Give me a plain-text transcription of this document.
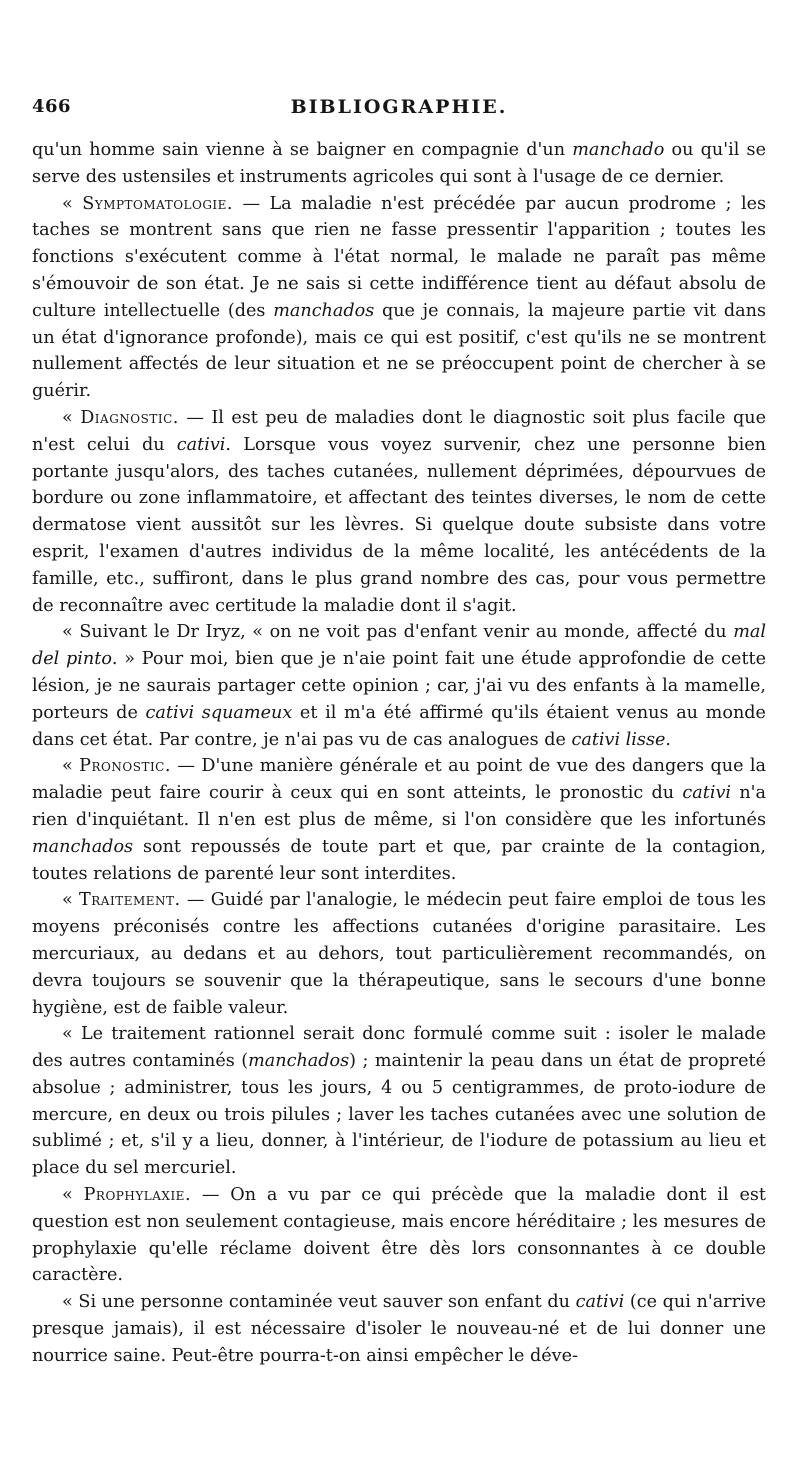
466	BIBLIOGRAPHIE.

qu'un homme sain vienne à se baigner en compagnie d'un manchado ou qu'il se serve des ustensiles et instruments agricoles qui sont à l'usage de ce dernier.

« Symptomatologie. — La maladie n'est précédée par aucun prodrome ; les taches se montrent sans que rien ne fasse pressentir l'apparition ; toutes les fonctions s'exécutent comme à l'état normal, le malade ne paraît pas même s'émouvoir de son état. Je ne sais si cette indifférence tient au défaut absolu de culture intellectuelle (des manchados que je connais, la majeure partie vit dans un état d'ignorance profonde), mais ce qui est positif, c'est qu'ils ne se montrent nullement affectés de leur situation et ne se préoccupent point de chercher à se guérir.

« Diagnostic. — Il est peu de maladies dont le diagnostic soit plus facile que n'est celui du cativi. Lorsque vous voyez survenir, chez une personne bien portante jusqu'alors, des taches cutanées, nullement déprimées, dépourvues de bordure ou zone inflammatoire, et affectant des teintes diverses, le nom de cette dermatose vient aussitôt sur les lèvres. Si quelque doute subsiste dans votre esprit, l'examen d'autres individus de la même localité, les antécédents de la famille, etc., suffiront, dans le plus grand nombre des cas, pour vous permettre de reconnaître avec certitude la maladie dont il s'agit.

« Suivant le Dr Iryz, « on ne voit pas d'enfant venir au monde, affecté du mal del pinto. » Pour moi, bien que je n'aie point fait une étude approfondie de cette lésion, je ne saurais partager cette opinion ; car, j'ai vu des enfants à la mamelle, porteurs de cativi squameux et il m'a été affirmé qu'ils étaient venus au monde dans cet état. Par contre, je n'ai pas vu de cas analogues de cativi lisse.

« Pronostic. — D'une manière générale et au point de vue des dangers que la maladie peut faire courir à ceux qui en sont atteints, le pronostic du cativi n'a rien d'inquiétant. Il n'en est plus de même, si l'on considère que les infortunés manchados sont repoussés de toute part et que, par crainte de la contagion, toutes relations de parenté leur sont interdites.

« Traitement. — Guidé par l'analogie, le médecin peut faire emploi de tous les moyens préconisés contre les affections cutanées d'origine parasitaire. Les mercuriaux, au dedans et au dehors, tout particulièrement recommandés, on devra toujours se souvenir que la thérapeutique, sans le secours d'une bonne hygiène, est de faible valeur.

« Le traitement rationnel serait donc formulé comme suit : isoler le malade des autres contaminés (manchados) ; maintenir la peau dans un état de propreté absolue ; administrer, tous les jours, 4 ou 5 centigrammes, de proto-iodure de mercure, en deux ou trois pilules ; laver les taches cutanées avec une solution de sublimé ; et, s'il y a lieu, donner, à l'intérieur, de l'iodure de potassium au lieu et place du sel mercuriel.

« Prophylaxie. — On a vu par ce qui précède que la maladie dont il est question est non seulement contagieuse, mais encore héréditaire ; les mesures de prophylaxie qu'elle réclame doivent être dès lors consonnantes à ce double caractère.

« Si une personne contaminée veut sauver son enfant du cativi (ce qui n'arrive presque jamais), il est nécessaire d'isoler le nouveau-né et de lui donner une nourrice saine. Peut-être pourra-t-on ainsi empêcher le déve-
